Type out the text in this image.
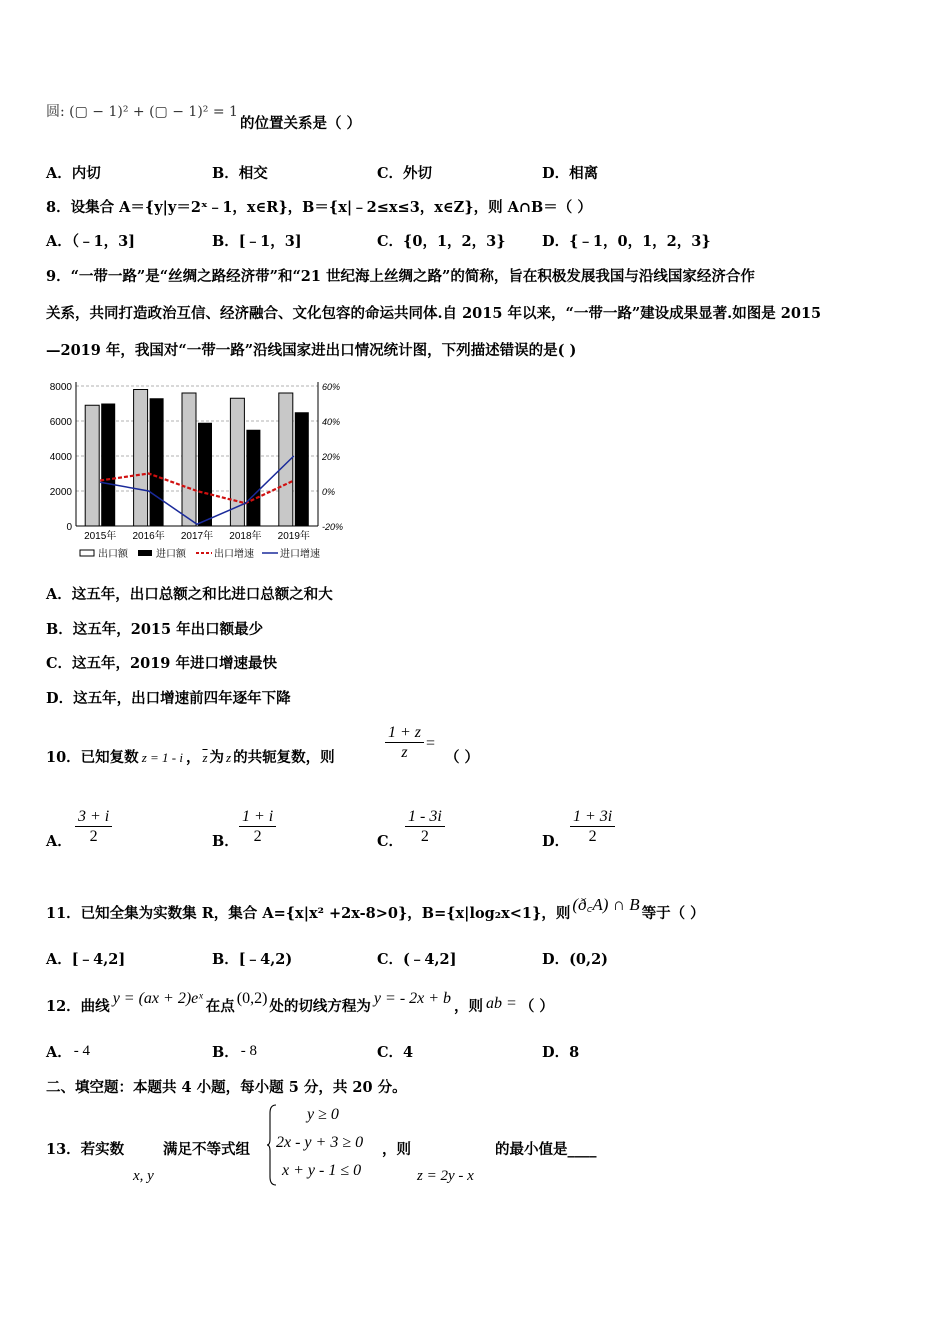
圆: (▢ − 1)² + (▢ − 1)² = 1
的位置关系是（ ）
A．内切	B．相交	C．外切	D．相离
8．设集合 A＝{y|y＝2ˣ﹣1，x∈R}，B＝{x|﹣2≤x≤3，x∈Z}，则 A∩B＝（ ）
A．（﹣1，3]	B．[﹣1，3]	C．{0，1，2，3}	D．{﹣1，0，1，2，3}
9．“一带一路”是“丝绸之路经济带”和“21 世纪海上丝绸之路”的简称，旨在积极发展我国与沿线国家经济合作
关系，共同打造政治互信、经济融合、文化包容的命运共同体.自 2015 年以来，“一带一路”建设成果显著.如图是 2015
—2019 年，我国对“一带一路”沿线国家进出口情况统计图，下列描述错误的是( )
0
2000
4000
6000
8000
-20%
0%
20%
40%
60%
2015年 2016年 2017年 2018年 2019年
出口额	进口额	出口增速	进口增速
A．这五年，出口总额之和比进口总额之和大
B．这五年，2015 年出口额最少
C．这五年，2019 年进口增速最快
D．这五年，出口增速前四年逐年下降
10．已知复数 z = 1 - i ， $\overline{z}$ 为 z 的共轭复数，则
1 + z
z
=
（ ）
A．
3 + i
2	B．
1 + i
2	C．
1 - 3i
2	D．
1 + 3i
2
11．已知全集为实数集 R，集合 A={x|x² +2x-8>0}，B={x|log₂x<1}，则 (ð꜀A) ∩ B 等于（ ）
A．[﹣4,2]	B．[﹣4,2)	C．(﹣4,2]	D．(0,2)
12．曲线 y = (ax + 2)eˣ 在点 (0,2) 处的切线方程为 y = - 2x + b ，则 ab = （ ）
A． - 4	B． - 8	C．4	D．8
二、填空题：本题共 4 小题，每小题 5 分，共 20 分。
13．若实数
x, y
满足不等式组
y ≥ 0
2x - y + 3 ≥ 0
x + y - 1 ≤ 0
，则
z = 2y - x
的最小值是____
